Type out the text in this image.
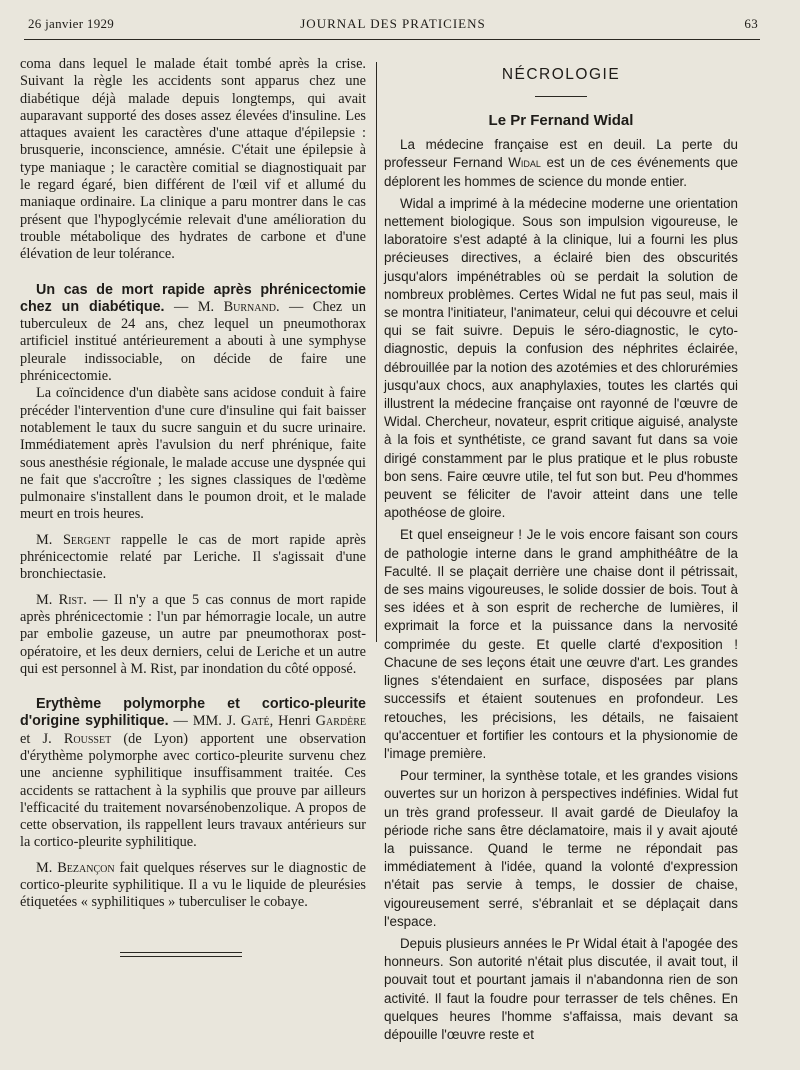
26 janvier 1929	JOURNAL DES PRATICIENS	63

coma dans lequel le malade était tombé après la crise. Suivant la règle les accidents sont apparus chez une diabétique déjà malade depuis longtemps, qui avait auparavant supporté des doses assez élevées d'insuline. Les attaques avaient les caractères d'une attaque d'épilepsie : brusquerie, inconscience, amnésie. C'était une épilepsie à type maniaque ; le caractère comitial se diagnostiquait par le regard égaré, bien différent de l'œil vif et allumé du maniaque ordinaire. La clinique a paru montrer dans le cas présent que l'hypoglycémie relevait d'une amélioration du trouble métabolique des hydrates de carbone et d'une élévation de leur tolérance.

Un cas de mort rapide après phrénicectomie chez un diabétique. — M. Burnand. — Chez un tuberculeux de 24 ans, chez lequel un pneumothorax artificiel institué antérieurement a abouti à une symphyse pleurale indissociable, on décide de faire une phrénicectomie.

La coïncidence d'un diabète sans acidose conduit à faire précéder l'intervention d'une cure d'insuline qui fait baisser notablement le taux du sucre sanguin et du sucre urinaire. Immédiatement après l'avulsion du nerf phrénique, faite sous anesthésie régionale, le malade accuse une dyspnée qui ne fait que s'accroître ; les signes classiques de l'œdème pulmonaire s'installent dans le poumon droit, et le malade meurt en trois heures.

M. Sergent rappelle le cas de mort rapide après phrénicectomie relaté par Leriche. Il s'agissait d'une bronchiectasie.

M. Rist. — Il n'y a que 5 cas connus de mort rapide après phrénicectomie : l'un par hémorragie locale, un autre par embolie gazeuse, un autre par pneumothorax post-opératoire, et les deux derniers, celui de Leriche et un autre qui est personnel à M. Rist, par inondation du côté opposé.

Erythème polymorphe et cortico-pleurite d'origine syphilitique. — MM. J. Gaté, Henri Gardère et J. Rousset (de Lyon) apportent une observation d'érythème polymorphe avec cortico-pleurite survenu chez une ancienne syphilitique insuffisamment traitée. Ces accidents se rattachent à la syphilis que prouve par ailleurs l'efficacité du traitement novarsénobenzolique. A propos de cette observation, ils rappellent leurs travaux antérieurs sur la cortico-pleurite syphilitique.

M. Bezançon fait quelques réserves sur le diagnostic de cortico-pleurite syphilitique. Il a vu le liquide de pleurésies étiquetées « syphilitiques » tuberculiser le cobaye.

NÉCROLOGIE
Le Pr Fernand Widal

La médecine française est en deuil. La perte du professeur Fernand Widal est un de ces événements que déplorent les hommes de science du monde entier.

Widal a imprimé à la médecine moderne une orientation nettement biologique. Sous son impulsion vigoureuse, le laboratoire s'est adapté à la clinique, lui a fourni les plus précieuses directives, a éclairé bien des obscurités jusqu'alors impénétrables où se perdait la solution de nombreux problèmes. Certes Widal ne fut pas seul, mais il se montra l'initiateur, l'animateur, celui qui découvre et celui qui se fait suivre. Depuis le séro-diagnostic, le cyto-diagnostic, depuis la confusion des néphrites éclairée, débrouillée par la notion des azotémies et des chlorurémies jusqu'aux chocs, aux anaphylaxies, toutes les clartés qui illustrent la médecine française ont rayonné de l'œuvre de Widal. Chercheur, novateur, esprit critique aiguisé, analyste à la fois et synthétiste, ce grand savant fut dans sa voie dirigé constamment par le plus pratique et le plus robuste bon sens. Faire œuvre utile, tel fut son but. Peu d'hommes peuvent se féliciter de l'avoir atteint dans une telle apothéose de gloire.

Et quel enseigneur ! Je le vois encore faisant son cours de pathologie interne dans le grand amphithéâtre de la Faculté. Il se plaçait derrière une chaise dont il pétrissait, de ses mains vigoureuses, le solide dossier de bois. Tout à ses idées et à son esprit de recherche de lumières, il exprimait la force et la puissance dans la nervosité comprimée du geste. Et quelle clarté d'exposition ! Chacune de ses leçons était une œuvre d'art. Les grandes lignes s'étendaient en surface, disposées par plans successifs et étaient soutenues en profondeur. Les retouches, les précisions, les détails, ne faisaient qu'accentuer et fortifier les contours et la physionomie de l'image première.

Pour terminer, la synthèse totale, et les grandes visions ouvertes sur un horizon à perspectives indéfinies. Widal fut un très grand professeur. Il avait gardé de Dieulafoy la période riche sans être déclamatoire, mais il y avait ajouté la puissance. Quand le terme ne répondait pas immédiatement à l'idée, quand la volonté d'expression n'était pas servie à temps, le dossier de chaise, vigoureusement serré, s'ébranlait et se déplaçait dans l'espace.

Depuis plusieurs années le Pr Widal était à l'apogée des honneurs. Son autorité n'était plus discutée, il avait tout, il pouvait tout et pourtant jamais il n'abandonna rien de son activité. Il faut la foudre pour terrasser de tels chênes. En quelques heures l'homme s'affaissa, mais devant sa dépouille l'œuvre reste et
